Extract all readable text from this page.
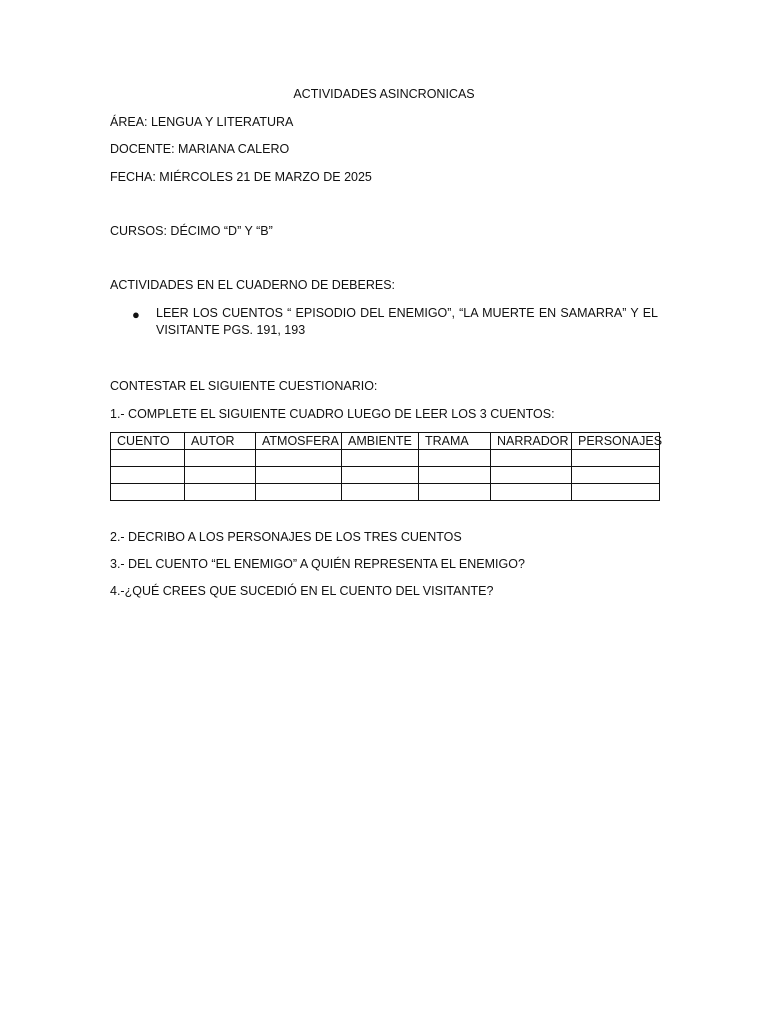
ACTIVIDADES ASINCRONICAS
ÁREA: LENGUA Y LITERATURA
DOCENTE: MARIANA CALERO
FECHA: MIÉRCOLES 21 DE MARZO DE 2025
CURSOS: DÉCIMO “D” Y “B”
ACTIVIDADES EN EL CUADERNO DE DEBERES:
● LEER LOS CUENTOS “ EPISODIO DEL ENEMIGO”, “LA MUERTE EN SAMARRA” Y EL
VISITANTE PGS. 191, 193
CONTESTAR EL SIGUIENTE CUESTIONARIO:
1.- COMPLETE EL SIGUIENTE CUADRO LUEGO DE LEER LOS 3 CUENTOS:
CUENTO	AUTOR	ATMOSFERA	AMBIENTE	TRAMA	NARRADOR	PERSONAJES

2.- DECRIBO A LOS PERSONAJES DE LOS TRES CUENTOS
3.- DEL CUENTO “EL ENEMIGO” A QUIÉN REPRESENTA EL ENEMIGO?
4.-¿QUÉ CREES QUE SUCEDIÓ EN EL CUENTO DEL VISITANTE?
